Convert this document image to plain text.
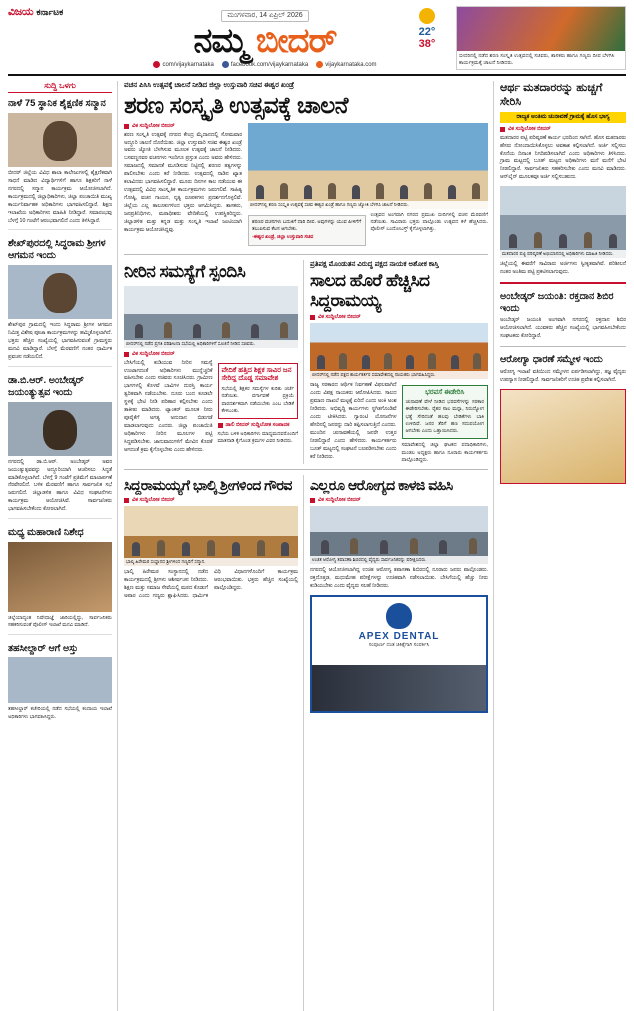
ವಿಜಯ ಕರ್ನಾಟಕ	ಮಂಗಳವಾರ, 14 ಏಪ್ರಿಲ್ 2026
ನಮ್ಮ ಬೀದರ್
com/vijaykarnataka	facebook.com/vijaykarnataka	vijaykarnataka.com
22°
38°
ಬೀದರಿನಲ್ಲಿ ನಡೆದ ಶರಣ ಸಂಸ್ಕೃತಿ ಉತ್ಸವದಲ್ಲಿ ಸಚಿವರು, ಶಾಸಕರು ಹಾಗೂ ಗಣ್ಯರು ದೀಪ ಬೆಳಗಿಸಿ ಕಾರ್ಯಕ್ರಮಕ್ಕೆ ಚಾಲನೆ ನೀಡಿದರು.
ಸುದ್ದಿ ಒಳಗು
ನಾಳೆ 75 ಸ್ಥಾನಿಕ ಶೈಕ್ಷಣಿಕ ಸನ್ಮಾನ
ಬೀದರ್‌ ಜಿಲ್ಲೆಯ ವಿವಿಧ ಶಾಲಾ ಕಾಲೇಜುಗಳಲ್ಲಿ ಶೈಕ್ಷಣಿಕವಾಗಿ ಸಾಧನೆ ಮಾಡಿದ ವಿದ್ಯಾರ್ಥಿಗಳಿಗೆ ಹಾಗೂ ಶಿಕ್ಷಕರಿಗೆ ನಾಳೆ ನಗರದಲ್ಲಿ ಸನ್ಮಾನ ಕಾರ್ಯಕ್ರಮ ಆಯೋಜಿಸಲಾಗಿದೆ. ಕಾರ್ಯಕ್ರಮದಲ್ಲಿ ಜಿಲ್ಲಾಧಿಕಾರಿಗಳು, ಜಿಲ್ಲಾ ಪಂಚಾಯಿತಿ ಮುಖ್ಯ ಕಾರ್ಯನಿರ್ವಾಹಕ ಅಧಿಕಾರಿಗಳು ಭಾಗವಹಿಸಲಿದ್ದಾರೆ. ಶಿಕ್ಷಣ ಇಲಾಖೆಯ ಅಧಿಕಾರಿಗಳು ಮಾಹಿತಿ ನೀಡಿದ್ದಾರೆ. ಸಮಾರಂಭವು ಬೆಳಗ್ಗೆ 10 ಗಂಟೆಗೆ ಆರಂಭವಾಗಲಿದೆ ಎಂದು ತಿಳಿಸಿದ್ದಾರೆ.
ಶೇಖ್‌ಪುರದಲ್ಲಿ ಸಿದ್ಧರಾಮ ಶ್ರೀಗಳ ಆಗಮನ ಇಂದು
ಶೇಖ್‌ಪುರ ಗ್ರಾಮದಲ್ಲಿ ಇಂದು ಸಿದ್ಧರಾಮ ಶ್ರೀಗಳ ಆಗಮನ ನಿಮಿತ್ತ ವಿಶೇಷ ಪೂಜಾ ಕಾರ್ಯಕ್ರಮಗಳನ್ನು ಹಮ್ಮಿಕೊಳ್ಳಲಾಗಿದೆ. ಭಕ್ತರು ಹೆಚ್ಚಿನ ಸಂಖ್ಯೆಯಲ್ಲಿ ಭಾಗವಹಿಸುವಂತೆ ಗ್ರಾಮಸ್ಥರು ಮನವಿ ಮಾಡಿದ್ದಾರೆ. ಬೆಳಗ್ಗೆ ಮೆರವಣಿಗೆ ನಂತರ ಧಾರ್ಮಿಕ ಪ್ರವಚನ ನಡೆಯಲಿದೆ.
ಡಾ.ಬಿ.ಆರ್‌. ಅಂಬೇಡ್ಕರ್‌ ಜಯಂತ್ಯುತ್ಸವ ಇಂದು
ನಗರದಲ್ಲಿ ಡಾ.ಬಿ.ಆರ್‌. ಅಂಬೇಡ್ಕರ್‌ ಅವರ ಜಯಂತ್ಯುತ್ಸವವನ್ನು ಅದ್ಧೂರಿಯಾಗಿ ಆಚರಿಸಲು ಸಿದ್ಧತೆ ಮಾಡಿಕೊಳ್ಳಲಾಗಿದೆ. ಬೆಳಗ್ಗೆ 9 ಗಂಟೆಗೆ ಪ್ರತಿಮೆಗೆ ಮಾಲಾರ್ಪಣೆ ನೆರವೇರಲಿದೆ. ಬಳಿಕ ಮೆರವಣಿಗೆ ಹಾಗೂ ಸಾರ್ವಜನಿಕ ಸಭೆ ಜರುಗಲಿದೆ. ಜಿಲ್ಲಾಡಳಿತ ಹಾಗೂ ವಿವಿಧ ಸಂಘಟನೆಗಳು ಕಾರ್ಯಕ್ರಮ ಆಯೋಜಿಸಿವೆ. ಸಾರ್ವಜನಿಕರು ಭಾಗವಹಿಸಬೇಕೆಂದು ಕೋರಲಾಗಿದೆ.
ಮಧ್ಯ ಮಹಾರಾಣಿ ನಿಶೇಧ
ಜಿಲ್ಲೆಯಾದ್ಯಂತ ನಿಷೇಧಾಜ್ಞೆ ಜಾರಿಯಲ್ಲಿದ್ದು, ಸಾರ್ವಜನಿಕರು ಸಹಕರಿಸುವಂತೆ ಪೊಲೀಸ್‌ ಇಲಾಖೆ ಮನವಿ ಮಾಡಿದೆ.
ತಹಸೀಲ್ದಾರ್‌ ಆಗೆ ಅಸ್ತು
ತಹಸೀಲ್ದಾರ್‌ ಕಚೇರಿಯಲ್ಲಿ ನಡೆದ ಸಭೆಯಲ್ಲಿ ಕಂದಾಯ ಇಲಾಖೆ ಅಧಿಕಾರಿಗಳು ಭಾಗವಹಿಸಿದ್ದರು.
ವಚನ ಪಿಸಿಸಿ ಉತ್ಸವಕ್ಕೆ ಚಾಲನೆ ನೀಡಿದ ಜಿಲ್ಲಾ ಉಸ್ತುವಾರಿ ಸಚಿವ ಈಶ್ವರ ಖಂಡ್ರೆ
ಶರಣ ಸಂಸ್ಕೃತಿ ಉತ್ಸವಕ್ಕೆ ಚಾಲನೆ
ವಿಕ ಸುದ್ದಿಲೋಕ ಬೀದರ್‌
ಶರಣ ಸಂಸ್ಕೃತಿ ಉತ್ಸವಕ್ಕೆ ನಗರದ ಕೇಂದ್ರ ಮೈದಾನದಲ್ಲಿ ಸೋಮವಾರ ಅದ್ಧೂರಿ ಚಾಲನೆ ದೊರೆಯಿತು. ಜಿಲ್ಲಾ ಉಸ್ತುವಾರಿ ಸಚಿವ ಈಶ್ವರ ಖಂಡ್ರೆ ಅವರು ಜ್ಯೋತಿ ಬೆಳಗಿಸುವ ಮೂಲಕ ಉತ್ಸವಕ್ಕೆ ಚಾಲನೆ ನೀಡಿದರು. ಬಸವಣ್ಣನವರ ವಚನಗಳು ಇಂದಿಗೂ ಪ್ರಸ್ತುತ ಎಂದು ಅವರು ಹೇಳಿದರು. ಸಮಾಜದಲ್ಲಿ ಸಮಾನತೆ ಮೂಡಿಸುವ ನಿಟ್ಟಿನಲ್ಲಿ ಶರಣರ ತತ್ವಗಳನ್ನು ಪಾಲಿಸಬೇಕು ಎಂದು ಕರೆ ನೀಡಿದರು. ಉತ್ಸವದಲ್ಲಿ ನಾಡಿನ ಖ್ಯಾತ ಕಲಾವಿದರು ಭಾಗವಹಿಸಲಿದ್ದಾರೆ. ಮೂರು ದಿನಗಳ ಕಾಲ ನಡೆಯುವ ಈ ಉತ್ಸವದಲ್ಲಿ ವಿವಿಧ ಸಾಂಸ್ಕೃತಿಕ ಕಾರ್ಯಕ್ರಮಗಳು ಜರುಗಲಿವೆ. ಸಾಹಿತ್ಯ ಗೋಷ್ಠಿ, ವಚನ ಗಾಯನ, ನೃತ್ಯ ರೂಪಕಗಳು ಪ್ರದರ್ಶನಗೊಳ್ಳಲಿವೆ. ಜಿಲ್ಲೆಯ ಎಲ್ಲ ತಾಲೂಕುಗಳಿಂದ ಭಕ್ತರು ಆಗಮಿಸಿದ್ದರು. ಶಾಸಕರು, ಜನಪ್ರತಿನಿಧಿಗಳು, ಮಠಾಧೀಶರು ವೇದಿಕೆಯಲ್ಲಿ ಉಪಸ್ಥಿತರಿದ್ದರು. ಜಿಲ್ಲಾಡಳಿತ ಮತ್ತು ಕನ್ನಡ ಮತ್ತು ಸಂಸ್ಕೃತಿ ಇಲಾಖೆ ಜಂಟಿಯಾಗಿ ಕಾರ್ಯಕ್ರಮ ಆಯೋಜಿಸಿದ್ದವು.
ಬೀದರ್‌ನಲ್ಲಿ ಶರಣ ಸಂಸ್ಕೃತಿ ಉತ್ಸವಕ್ಕೆ ಸಚಿವ ಈಶ್ವರ ಖಂಡ್ರೆ ಹಾಗೂ ಗಣ್ಯರು ಜ್ಯೋತಿ ಬೆಳಗಿಸಿ ಚಾಲನೆ ನೀಡಿದರು.
ಶರಣರ ವಚನಗಳು ಬದುಕಿಗೆ ದಾರಿ ದೀಪ. ಅವುಗಳನ್ನು ಯುವ ಪೀಳಿಗೆಗೆ ತಲುಪಿಸುವ ಕೆಲಸ ಆಗಬೇಕು.
-ಈಶ್ವರ ಖಂಡ್ರೆ, ಜಿಲ್ಲಾ ಉಸ್ತುವಾರಿ ಸಚಿವ
ಉತ್ಸವದ ಅಂಗವಾಗಿ ನಗರದ ಪ್ರಮುಖ ಬೀದಿಗಳಲ್ಲಿ ವಚನ ಮೆರವಣಿಗೆ ನಡೆಯಿತು. ಸಾವಿರಾರು ಭಕ್ತರು ಪಾಲ್ಗೊಂಡು ಉತ್ಸವದ ಕಳೆ ಹೆಚ್ಚಿಸಿದರು. ಪೊಲೀಸ್‌ ಬಂದೋಬಸ್ತ್‌ ಕೈಗೊಳ್ಳಲಾಗಿತ್ತು.
ನೀರಿನ ಸಮಸ್ಯೆಗೆ ಸ್ಪಂದಿಸಿ
ಬೀದರ್‌ನಲ್ಲಿ ನಡೆದ ಪ್ರಗತಿ ಪರಿಶೀಲನಾ ಸಭೆಯಲ್ಲಿ ಅಧಿಕಾರಿಗಳಿಗೆ ಸೂಚನೆ ನೀಡಿದ ಸಚಿವರು.
ವಿಕ ಸುದ್ದಿಲೋಕ ಬೀದರ್‌
ಬೇಸಿಗೆಯಲ್ಲಿ ಕುಡಿಯುವ ನೀರಿನ ಸಮಸ್ಯೆ ಉಂಟಾಗದಂತೆ ಅಧಿಕಾರಿಗಳು ಮುನ್ನೆಚ್ಚರಿಕೆ ವಹಿಸಬೇಕು ಎಂದು ಸಚಿವರು ಸೂಚಿಸಿದರು. ಗ್ರಾಮೀಣ ಭಾಗಗಳಲ್ಲಿ ಕೊಳವೆ ಬಾವಿಗಳ ದುರಸ್ತಿ ಕಾರ್ಯ ತ್ವರಿತವಾಗಿ ನಡೆಯಬೇಕು. ದೂರು ಬಂದ ಕೂಡಲೇ ಸ್ಥಳಕ್ಕೆ ಭೇಟಿ ನೀಡಿ ಪರಿಹಾರ ಕಲ್ಪಿಸಬೇಕು ಎಂದು ತಾಕೀತು ಮಾಡಿದರು. ಟ್ಯಾಂಕರ್‌ ಮೂಲಕ ನೀರು ಪೂರೈಕೆಗೆ ಅಗತ್ಯ ಅನುದಾನ ಬಿಡುಗಡೆ ಮಾಡಲಾಗುವುದು ಎಂದರು. ಜಿಲ್ಲಾ ಪಂಚಾಯಿತಿ ಅಧಿಕಾರಿಗಳು ನೀರಿನ ಮೂಲಗಳ ಪಟ್ಟಿ ಸಿದ್ಧಪಡಿಸಬೇಕು. ಜಾನುವಾರುಗಳಿಗೆ ಮೇವಿನ ಕೊರತೆ ಆಗದಂತೆ ಕ್ರಮ ಕೈಗೊಳ್ಳಬೇಕು ಎಂದು ಹೇಳಿದರು.
ವೇದಿಕೆ ಹತ್ತಿದ ಶಿಕ್ಷಕ ಸಾವಿರ ಜನ ಸೇರಿದ್ದ ದೊಡ್ಡ ಸಮಾವೇಶ
ಸಭೆಯಲ್ಲಿ ಶಿಕ್ಷಕರ ಸಮಸ್ಯೆಗಳ ಕುರಿತು ಚರ್ಚೆ ನಡೆಯಿತು. ವರ್ಗಾವಣೆ ಪ್ರಕ್ರಿಯೆ ಪಾರದರ್ಶಕವಾಗಿ ನಡೆಯಬೇಕು ಎಂಬ ಬೇಡಿಕೆ ಕೇಳಿಬಂತು.
ಡಾಲಿ ಬೀದರ್‌ ಸುದ್ದಿಲೋಕ ಸಂಪಾದಕ
ಸಭೆಯ ಬಳಿಕ ಅಧಿಕಾರಿಗಳು ಮಾಧ್ಯಮದವರೊಂದಿಗೆ ಮಾತನಾಡಿ ಕೈಗೊಂಡ ಕ್ರಮಗಳ ವಿವರ ನೀಡಿದರು.
ಪ್ರತಿಪಕ್ಷ ಮೊಂಡುತನ ವಿರುದ್ಧ ಪಕ್ಷದ ನಾಯಕ ಅಶೋಕ ಕಾಸ್ತಿ
ಸಾಲದ ಹೊರೆ ಹೆಚ್ಚಿಸಿದ ಸಿದ್ದರಾಮಯ್ಯ
ವಿಕ ಸುದ್ದಿಲೋಕ ಬೀದರ್‌
ಬೀದರ್‌ನಲ್ಲಿ ನಡೆದ ಪಕ್ಷದ ಕಾರ್ಯಕರ್ತರ ಸಮಾವೇಶದಲ್ಲಿ ನಾಯಕರು ಭಾಗವಹಿಸಿದ್ದರು.
ರಾಜ್ಯ ಸರಕಾರದ ಆರ್ಥಿಕ ನಿರ್ವಹಣೆ ವಿಫಲವಾಗಿದೆ ಎಂದು ವಿಪಕ್ಷ ನಾಯಕರು ಆರೋಪಿಸಿದರು. ಸಾಲದ ಪ್ರಮಾಣ ದಾಖಲೆ ಮಟ್ಟಕ್ಕೆ ಏರಿದೆ ಎಂದು ಅಂಕಿ ಅಂಶ ನೀಡಿದರು. ಅಭಿವೃದ್ಧಿ ಕಾರ್ಯಗಳು ಸ್ಥಗಿತಗೊಂಡಿವೆ ಎಂದು ಟೀಕಿಸಿದರು. ಗ್ಯಾರಂಟಿ ಯೋಜನೆಗಳ ಹೆಸರಿನಲ್ಲಿ ಜನರನ್ನು ದಾರಿ ತಪ್ಪಿಸಲಾಗುತ್ತಿದೆ ಎಂದರು. ಮುಂದಿನ ಚುನಾವಣೆಯಲ್ಲಿ ಜನರೇ ಉತ್ತರ ನೀಡಲಿದ್ದಾರೆ ಎಂದು ಹೇಳಿದರು. ಕಾರ್ಯಕರ್ತರು ಬೂತ್‌ ಮಟ್ಟದಲ್ಲಿ ಸಂಘಟನೆ ಬಲಪಡಿಸಬೇಕು ಎಂದು ಕರೆ ನೀಡಿದರು.
ಭರವಸೆ ಈಡೇರಿಸಿ
ಚುನಾವಣೆ ವೇಳೆ ನೀಡಿದ ಭರವಸೆಗಳನ್ನು ಸರಕಾರ ಈಡೇರಿಸಬೇಕು. ರೈತರ ಸಾಲ ಮನ್ನಾ, ನಿರುದ್ಯೋಗ ಭತ್ಯೆ ಸೇರಿದಂತೆ ಹಲವು ಬೇಡಿಕೆಗಳು ಬಾಕಿ ಉಳಿದಿವೆ. ಜನರ ತೆರಿಗೆ ಹಣ ಸದುಪಯೋಗ ಆಗಬೇಕು ಎಂದು ಒತ್ತಾಯಿಸಿದರು.
ಸಮಾವೇಶದಲ್ಲಿ ಜಿಲ್ಲಾ ಘಟಕದ ಪದಾಧಿಕಾರಿಗಳು, ಮಂಡಲ ಅಧ್ಯಕ್ಷರು ಹಾಗೂ ನೂರಾರು ಕಾರ್ಯಕರ್ತರು ಪಾಲ್ಗೊಂಡಿದ್ದರು.
ಸಿದ್ದರಾಮಯ್ಯಗೆ ಭಾಲ್ಕಿ ಶ್ರೀಗಳಿಂದ ಗೌರವ
ವಿಕ ಸುದ್ದಿಲೋಕ ಬೀದರ್‌
ಭಾಲ್ಕಿ ಹಿರೇಮಠ ಸಂಸ್ಥಾನದ ಶ್ರೀಗಳಿಂದ ಗಣ್ಯರಿಗೆ ಸನ್ಮಾನ.
ಭಾಲ್ಕಿ ಹಿರೇಮಠ ಸಂಸ್ಥಾನದಲ್ಲಿ ನಡೆದ ಕಾರ್ಯಕ್ರಮದಲ್ಲಿ ಶ್ರೀಗಳು ಆಶೀರ್ವಚನ ನೀಡಿದರು. ಶಿಕ್ಷಣ ಮತ್ತು ಸಮಾಜ ಸೇವೆಯಲ್ಲಿ ಮಠದ ಕೊಡುಗೆ ಅಪಾರ ಎಂದು ಗಣ್ಯರು ಶ್ಲಾಘಿಸಿದರು. ಧಾರ್ಮಿಕ ವಿಧಿ ವಿಧಾನಗಳೊಂದಿಗೆ ಕಾರ್ಯಕ್ರಮ ಆರಂಭವಾಯಿತು. ಭಕ್ತರು ಹೆಚ್ಚಿನ ಸಂಖ್ಯೆಯಲ್ಲಿ ಪಾಲ್ಗೊಂಡಿದ್ದರು.
ಎಲ್ಲರೂ ಆರೋಗ್ಯದ ಕಾಳಜಿ ವಹಿಸಿ
ವಿಕ ಸುದ್ದಿಲೋಕ ಬೀದರ್‌
ಉಚಿತ ಆರೋಗ್ಯ ತಪಾಸಣಾ ಶಿಬಿರದಲ್ಲಿ ವೈದ್ಯರು ಸಾರ್ವಜನಿಕರನ್ನು ಪರೀಕ್ಷಿಸಿದರು.
ನಗರದಲ್ಲಿ ಆಯೋಜಿಸಲಾಗಿದ್ದ ಉಚಿತ ಆರೋಗ್ಯ ತಪಾಸಣಾ ಶಿಬಿರದಲ್ಲಿ ನೂರಾರು ಜನರು ಪಾಲ್ಗೊಂಡರು. ರಕ್ತದೊತ್ತಡ, ಮಧುಮೇಹ ಪರೀಕ್ಷೆಗಳನ್ನು ಉಚಿತವಾಗಿ ನಡೆಸಲಾಯಿತು. ಬೇಸಿಗೆಯಲ್ಲಿ ಹೆಚ್ಚು ನೀರು ಕುಡಿಯಬೇಕು ಎಂದು ವೈದ್ಯರು ಸಲಹೆ ನೀಡಿದರು.
APEX DENTAL
ಸಂಪೂರ್ಣ ದಂತ ಚಿಕಿತ್ಸೆಗಾಗಿ ಸಂಪರ್ಕಿಸಿ
ಆರ್ಥ ಮತದಾರರನ್ನು ಹುಚ್ಚಗೆ ಸೇರಿಸಿ
ರಾಜ್ಯಕ ಅಂತಿಮ ಚುನಾವಣೆ ಗ್ರಾಮಕ್ಕೆ ಹೊಸ ಭಾಗ್ಯ
ವಿಕ ಸುದ್ದಿಲೋಕ ಬೀದರ್‌
ಮತದಾರರ ಪಟ್ಟಿ ಪರಿಷ್ಕರಣೆ ಕಾರ್ಯ ಭರದಿಂದ ಸಾಗಿದೆ. ಹೊಸ ಮತದಾರರು ಹೆಸರು ನೋಂದಾಯಿಸಿಕೊಳ್ಳಲು ಅವಕಾಶ ಕಲ್ಪಿಸಲಾಗಿದೆ. ಅರ್ಜಿ ಸಲ್ಲಿಸಲು ಕೊನೆಯ ದಿನಾಂಕ ನಿಗದಿಪಡಿಸಲಾಗಿದೆ ಎಂದು ಅಧಿಕಾರಿಗಳು ತಿಳಿಸಿದರು. ಗ್ರಾಮ ಮಟ್ಟದಲ್ಲಿ ಬೂತ್‌ ಮಟ್ಟದ ಅಧಿಕಾರಿಗಳು ಮನೆ ಮನೆಗೆ ಭೇಟಿ ನೀಡಲಿದ್ದಾರೆ. ಸಾರ್ವಜನಿಕರು ಸಹಕರಿಸಬೇಕು ಎಂದು ಮನವಿ ಮಾಡಿದರು. ಆನ್‌ಲೈನ್‌ ಮೂಲಕವೂ ಅರ್ಜಿ ಸಲ್ಲಿಸಬಹುದು.
ಮತದಾರರ ಪಟ್ಟಿ ಪರಿಷ್ಕರಣೆ ಅಭಿಯಾನದಲ್ಲಿ ಅಧಿಕಾರಿಗಳು ಮಾಹಿತಿ ನೀಡಿದರು.
ಜಿಲ್ಲೆಯಲ್ಲಿ ಈವರೆಗೆ ಸಾವಿರಾರು ಅರ್ಜಿಗಳು ಸ್ವೀಕೃತವಾಗಿವೆ. ಪರಿಶೀಲನೆ ನಂತರ ಅಂತಿಮ ಪಟ್ಟಿ ಪ್ರಕಟಿಸಲಾಗುವುದು.
ಅಂಬೇಡ್ಕರ್‌ ಜಯಂತಿ: ರಕ್ತದಾನ ಶಿಬಿರ ಇಂದು
ಅಂಬೇಡ್ಕರ್‌ ಜಯಂತಿ ಅಂಗವಾಗಿ ನಗರದಲ್ಲಿ ರಕ್ತದಾನ ಶಿಬಿರ ಆಯೋಜಿಸಲಾಗಿದೆ. ಯುವಕರು ಹೆಚ್ಚಿನ ಸಂಖ್ಯೆಯಲ್ಲಿ ಭಾಗವಹಿಸಬೇಕೆಂದು ಸಂಘಟಕರು ಕೋರಿದ್ದಾರೆ.
ಆರೋಗ್ಯಾ ಧಾರಣೆ ಸಮ್ಮೇಳ ಇಂದು
ಆರೋಗ್ಯ ಇಲಾಖೆ ವತಿಯಿಂದ ಸಮ್ಮೇಳನ ಏರ್ಪಡಿಸಲಾಗಿದ್ದು, ತಜ್ಞ ವೈದ್ಯರು ಉಪನ್ಯಾಸ ನೀಡಲಿದ್ದಾರೆ. ಸಾರ್ವಜನಿಕರಿಗೆ ಉಚಿತ ಪ್ರವೇಶ ಕಲ್ಪಿಸಲಾಗಿದೆ.
